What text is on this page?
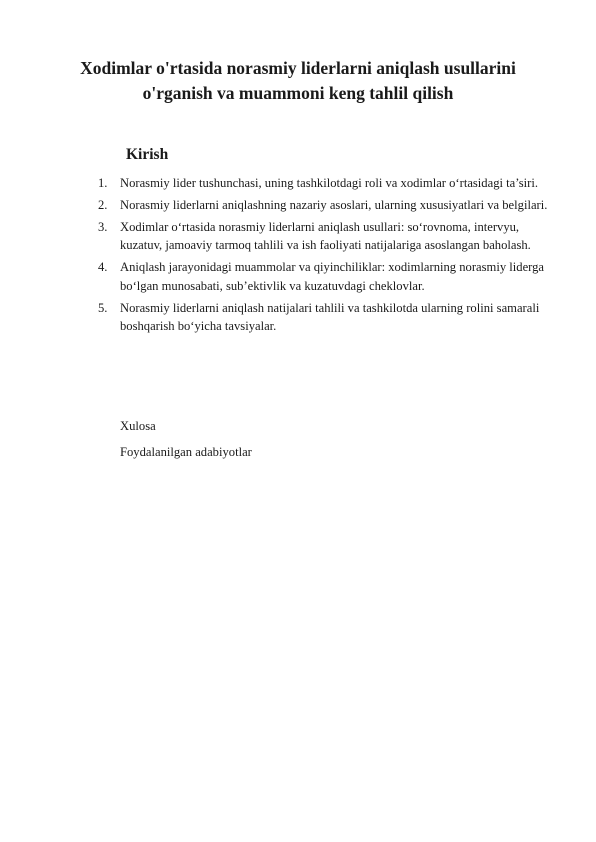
Xodimlar o'rtasida norasmiy liderlarni aniqlash usullarini
o'rganish va muammoni keng tahlil qilish
Kirish
1. Norasmiy lider tushunchasi, uning tashkilotdagi roli va xodimlar o‘rtasidagi ta’siri.
2. Norasmiy liderlarni aniqlashning nazariy asoslari, ularning xususiyatlari va belgilari.
3. Xodimlar o‘rtasida norasmiy liderlarni aniqlash usullari: so‘rovnoma, intervyu, kuzatuv, jamoaviy tarmoq tahlili va ish faoliyati natijalariga asoslangan baholash.
4. Aniqlash jarayonidagi muammolar va qiyinchiliklar: xodimlarning norasmiy liderga bo‘lgan munosabati, sub’ektivlik va kuzatuvdagi cheklovlar.
5. Norasmiy liderlarni aniqlash natijalari tahlili va tashkilotda ularning rolini samarali boshqarish bo‘yicha tavsiyalar.

Xulosa

Foydalanilgan adabiyotlar
